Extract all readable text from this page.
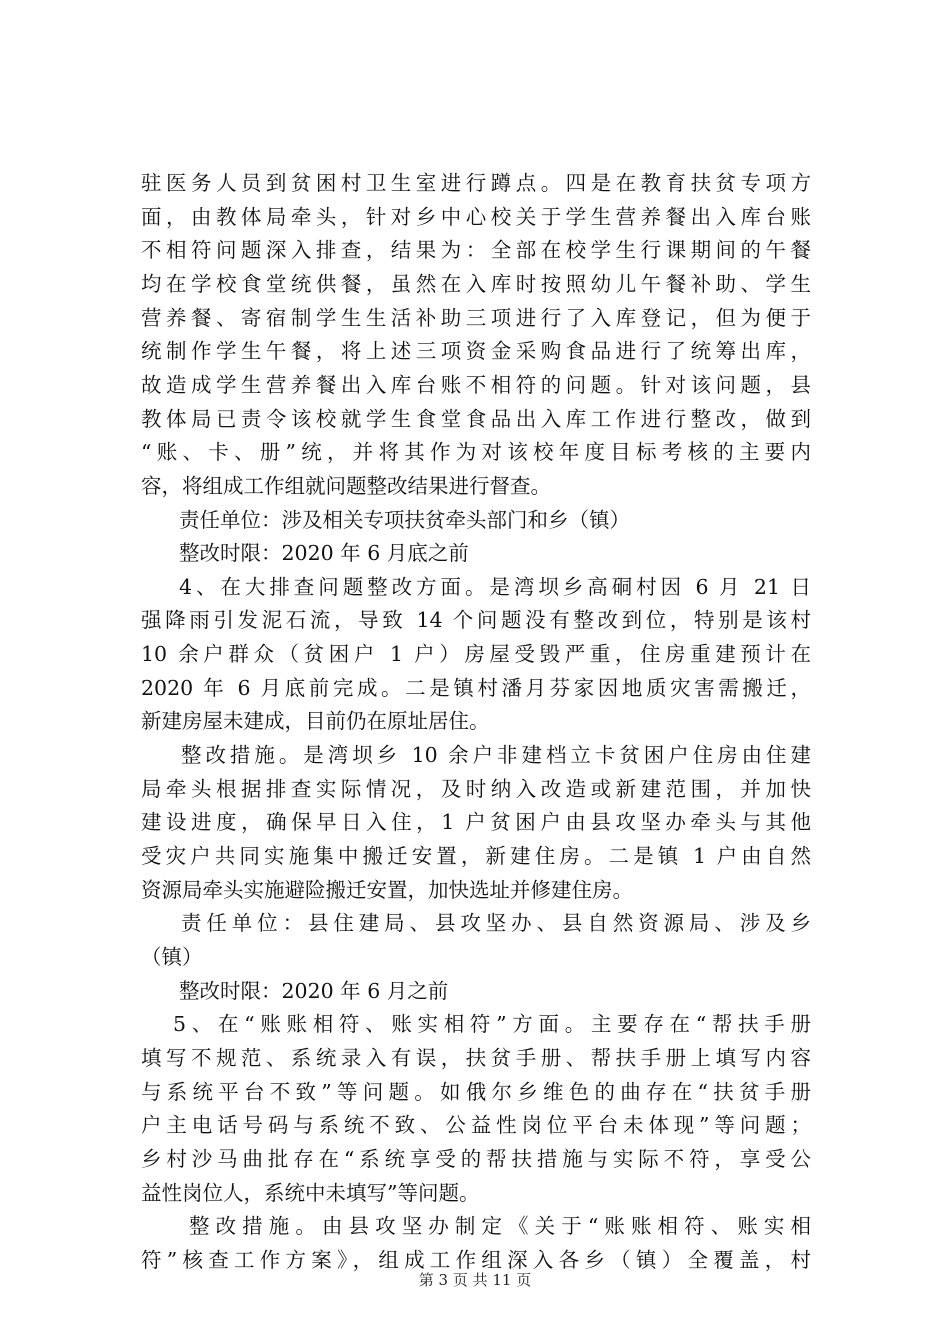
驻医务人员到贫困村卫生室进行蹲点。四是在教育扶贫专项方
面，由教体局牵头，针对乡中心校关于学生营养餐出入库台账
不相符问题深入排查，结果为：全部在校学生行课期间的午餐
均在学校食堂统供餐，虽然在入库时按照幼儿午餐补助、学生
营养餐、寄宿制学生生活补助三项进行了入库登记，但为便于
统制作学生午餐，将上述三项资金采购食品进行了统筹出库，
故造成学生营养餐出入库台账不相符的问题。针对该问题，县
教体局已责令该校就学生食堂食品出入库工作进行整改，做到
“账、卡、册”统，并将其作为对该校年度目标考核的主要内
容，将组成工作组就问题整改结果进行督查。
责任单位：涉及相关专项扶贫牵头部门和乡（镇）
整改时限：2020 年 6 月底之前
4、在大排查问题整改方面。是湾坝乡高硐村因 6 月 21 日
强降雨引发泥石流，导致 14 个问题没有整改到位，特别是该村
10 余户群众（贫困户 1 户）房屋受毁严重，住房重建预计在
2020 年 6 月底前完成。二是镇村潘月芬家因地质灾害需搬迁，
新建房屋未建成，目前仍在原址居住。
整改措施。是湾坝乡 10 余户非建档立卡贫困户住房由住建
局牵头根据排查实际情况，及时纳入改造或新建范围，并加快
建设进度，确保早日入住，1 户贫困户由县攻坚办牵头与其他
受灾户共同实施集中搬迁安置，新建住房。二是镇 1 户由自然
资源局牵头实施避险搬迁安置，加快选址并修建住房。
责任单位：县住建局、县攻坚办、县自然资源局、涉及乡
（镇）
整改时限：2020 年 6 月之前
5、在“账账相符、账实相符”方面。主要存在“帮扶手册
填写不规范、系统录入有误，扶贫手册、帮扶手册上填写内容
与系统平台不致”等问题。如俄尔乡维色的曲存在“扶贫手册
户主电话号码与系统不致、公益性岗位平台未体现”等问题；
乡村沙马曲批存在“系统享受的帮扶措施与实际不符，享受公
益性岗位人，系统中未填写”等问题。
整改措施。由县攻坚办制定《关于“账账相符、账实相
符”核查工作方案》，组成工作组深入各乡（镇）全覆盖，村
第 3 页 共 11 页
